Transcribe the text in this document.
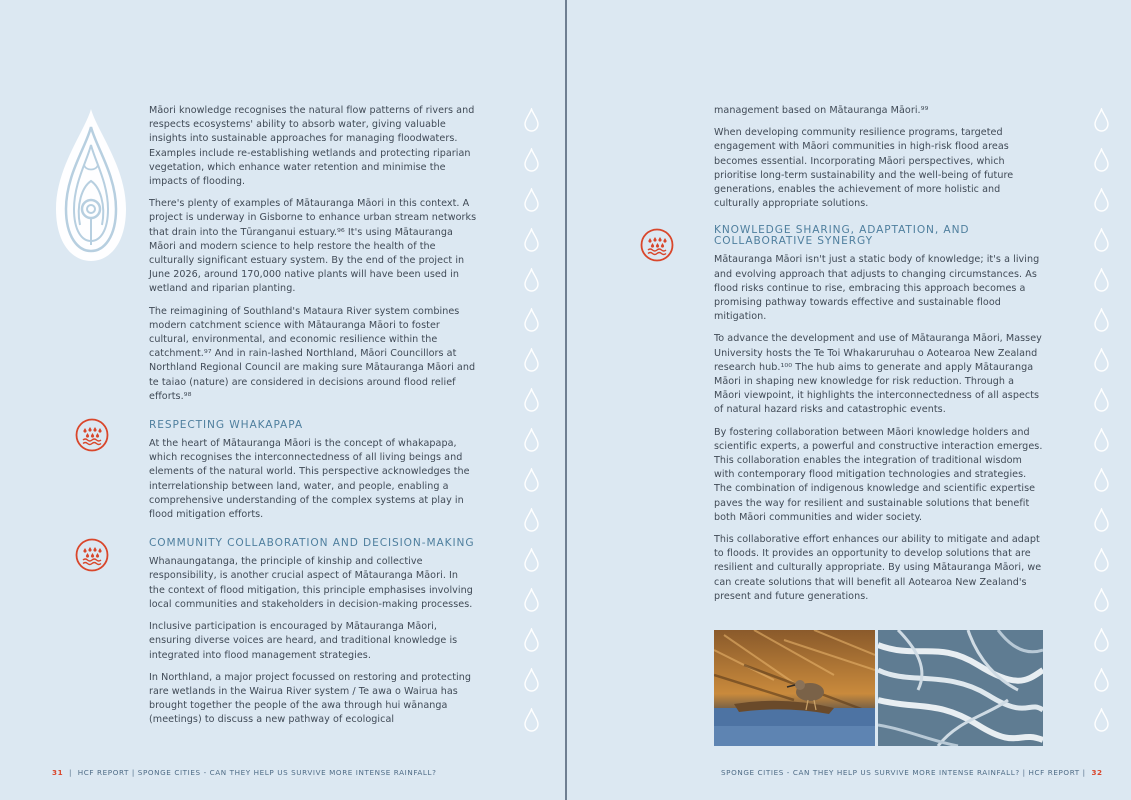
Māori knowledge recognises the natural flow patterns of rivers and respects ecosystems' ability to absorb water, giving valuable insights into sustainable approaches for managing floodwaters. Examples include re-establishing wetlands and protecting riparian vegetation, which enhance water retention and minimise the impacts of flooding.

There's plenty of examples of Mātauranga Māori in this context. A project is underway in Gisborne to enhance urban stream networks that drain into the Tūranganui estuary.⁹⁶ It's using Mātauranga Māori and modern science to help restore the health of the culturally significant estuary system. By the end of the project in June 2026, around 170,000 native plants will have been used in wetland and riparian planting.

The reimagining of Southland's Mataura River system combines modern catchment science with Mātauranga Māori to foster cultural, environmental, and economic resilience within the catchment.⁹⁷ And in rain-lashed Northland, Māori Councillors at Northland Regional Council are making sure Mātauranga Māori and te taiao (nature) are considered in decisions around flood relief efforts.⁹⁸

RESPECTING WHAKAPAPA

At the heart of Mātauranga Māori is the concept of whakapapa, which recognises the interconnectedness of all living beings and elements of the natural world. This perspective acknowledges the interrelationship between land, water, and people, enabling a comprehensive understanding of the complex systems at play in flood mitigation efforts.

COMMUNITY COLLABORATION AND DECISION-MAKING

Whanaungatanga, the principle of kinship and collective responsibility, is another crucial aspect of Mātauranga Māori. In the context of flood mitigation, this principle emphasises involving local communities and stakeholders in decision-making processes.

Inclusive participation is encouraged by Mātauranga Māori, ensuring diverse voices are heard, and traditional knowledge is integrated into flood management strategies.

In Northland, a major project focussed on restoring and protecting rare wetlands in the Wairua River system / Te awa o Wairua has brought together the people of the awa through hui wānanga (meetings) to discuss a new pathway of ecological

31  |  HCF REPORT | SPONGE CITIES - CAN THEY HELP US SURVIVE MORE INTENSE RAINFALL?

management based on Mātauranga Māori.⁹⁹

When developing community resilience programs, targeted engagement with Māori communities in high-risk flood areas becomes essential. Incorporating Māori perspectives, which prioritise long-term sustainability and the well-being of future generations, enables the achievement of more holistic and culturally appropriate solutions.

KNOWLEDGE SHARING, ADAPTATION, AND COLLABORATIVE SYNERGY

Mātauranga Māori isn't just a static body of knowledge; it's a living and evolving approach that adjusts to changing circumstances. As flood risks continue to rise, embracing this approach becomes a promising pathway towards effective and sustainable flood mitigation.

To advance the development and use of Mātauranga Māori, Massey University hosts the Te Toi Whakaruruhau o Aotearoa New Zealand research hub.¹⁰⁰ The hub aims to generate and apply Mātauranga Māori in shaping new knowledge for risk reduction. Through a Māori viewpoint, it highlights the interconnectedness of all aspects of natural hazard risks and catastrophic events.

By fostering collaboration between Māori knowledge holders and scientific experts, a powerful and constructive interaction emerges. This collaboration enables the integration of traditional wisdom with contemporary flood mitigation technologies and strategies. The combination of indigenous knowledge and scientific expertise paves the way for resilient and sustainable solutions that benefit both Māori communities and wider society.

This collaborative effort enhances our ability to mitigate and adapt to floods. It provides an opportunity to develop solutions that are resilient and culturally appropriate. By using Mātauranga Māori, we can create solutions that will benefit all Aotearoa New Zealand's present and future generations.

SPONGE CITIES - CAN THEY HELP US SURVIVE MORE INTENSE RAINFALL? | HCF REPORT | 32
